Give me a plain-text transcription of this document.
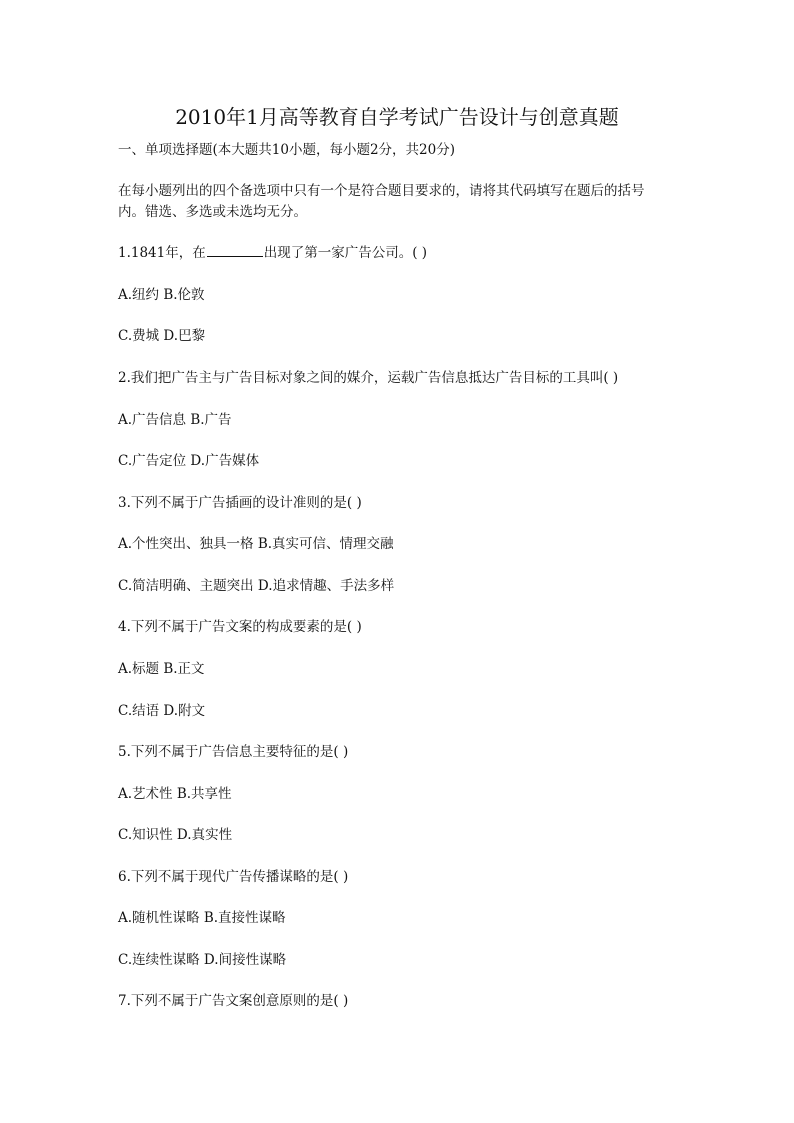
2010年1月高等教育自学考试广告设计与创意真题
一、单项选择题(本大题共10小题，每小题2分，共20分)
在每小题列出的四个备选项中只有一个是符合题目要求的，请将其代码填写在题后的括号
内。错选、多选或未选均无分。
1.1841年，在	出现了第一家广告公司。( )
A.纽约 B.伦敦
C.费城 D.巴黎
2.我们把广告主与广告目标对象之间的媒介，运载广告信息抵达广告目标的工具叫( )
A.广告信息 B.广告
C.广告定位 D.广告媒体
3.下列不属于广告插画的设计准则的是( )
A.个性突出、独具一格 B.真实可信、情理交融
C.简洁明确、主题突出 D.追求情趣、手法多样
4.下列不属于广告文案的构成要素的是( )
A.标题 B.正文
C.结语 D.附文
5.下列不属于广告信息主要特征的是( )
A.艺术性 B.共享性
C.知识性 D.真实性
6.下列不属于现代广告传播谋略的是( )
A.随机性谋略 B.直接性谋略
C.连续性谋略 D.间接性谋略
7.下列不属于广告文案创意原则的是( )
